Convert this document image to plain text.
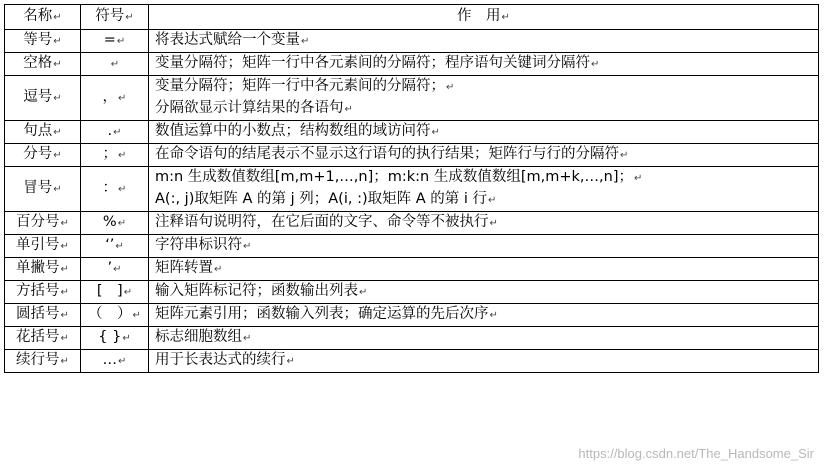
名称↵	符号↵	作　用↵
等号↵	=↵	将表达式赋给一个变量↵

空格↵	↵	变量分隔符；矩阵一行中各元素间的分隔符；程序语句关键词分隔符↵

逗号↵	，↵	变量分隔符；矩阵一行中各元素间的分隔符；↵
分隔欲显示计算结果的各语句↵

句点↵	.↵	数值运算中的小数点；结构数组的域访问符↵

分号↵	；↵	在命令语句的结尾表示不显示这行语句的执行结果；矩阵行与行的分隔符↵

冒号↵	：↵	m:n 生成数值数组[m,m+1,…,n]；m:k:n 生成数值数组[m,m+k,…,n]；↵
A(:, j)取矩阵 A 的第 j 列；A(i, :)取矩阵 A 的第 i 行↵

百分号↵	%↵	注释语句说明符，在它后面的文字、命令等不被执行↵

单引号↵	‘’↵	字符串标识符↵

单撇号↵	’↵	矩阵转置↵

方括号↵	[　]↵	输入矩阵标记符；函数输出列表↵

圆括号↵	（　）↵	矩阵元素引用；函数输入列表；确定运算的先后次序↵

花括号↵	{ }↵	标志细胞数组↵

续行号↵	…↵	用于长表达式的续行↵
https://blog.csdn.net/The_Handsome_Sir
